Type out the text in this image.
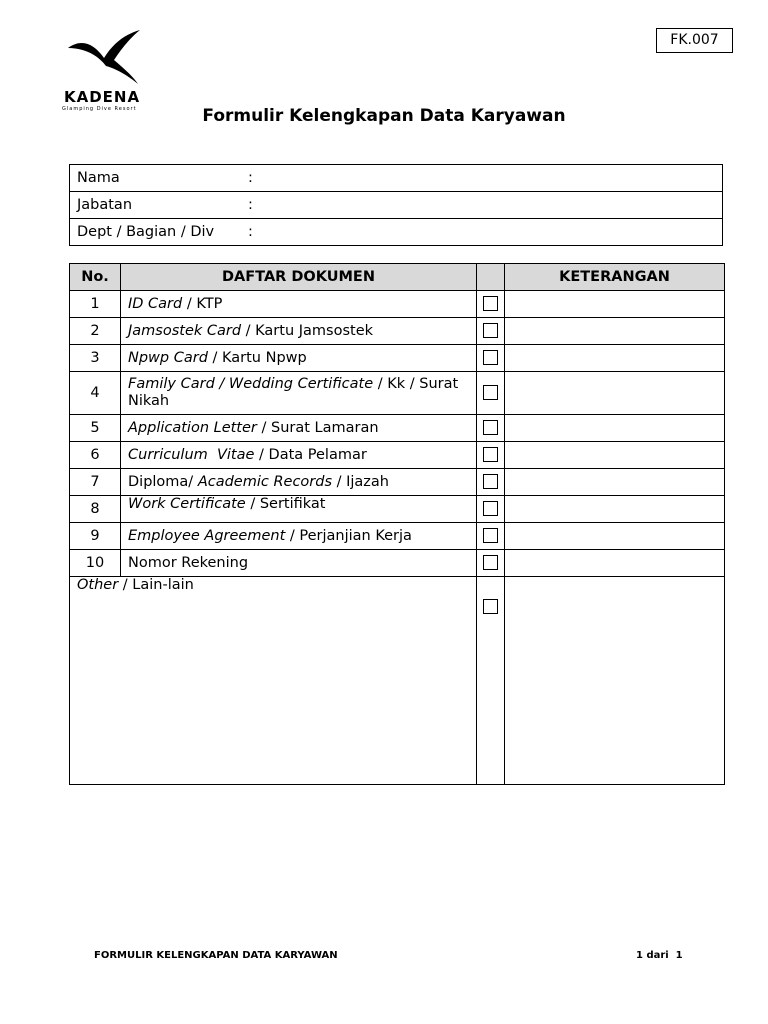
KADENA
Glamping Dive Resort
FK.007
Formulir Kelengkapan Data Karyawan
Nama	:
Jabatan	:
Dept / Bagian / Div :
No.	DAFTAR DOKUMEN		KETERANGAN
1	ID Card / KTP		
2	Jamsostek Card / Kartu Jamsostek		
3	Npwp Card / Kartu Npwp		
4	Family Card / Wedding Certificate / Kk / Surat Nikah		
5	Application Letter / Surat Lamaran		
6	Curriculum  Vitae / Data Pelamar		
7	Diploma/ Academic Records / Ijazah		
8	Work Certificate / Sertifikat		
9	Employee Agreement / Perjanjian Kerja		
10	Nomor Rekening		
Other / Lain-lain			
FORMULIR KELENGKAPAN DATA KARYAWAN	1 dari  1
